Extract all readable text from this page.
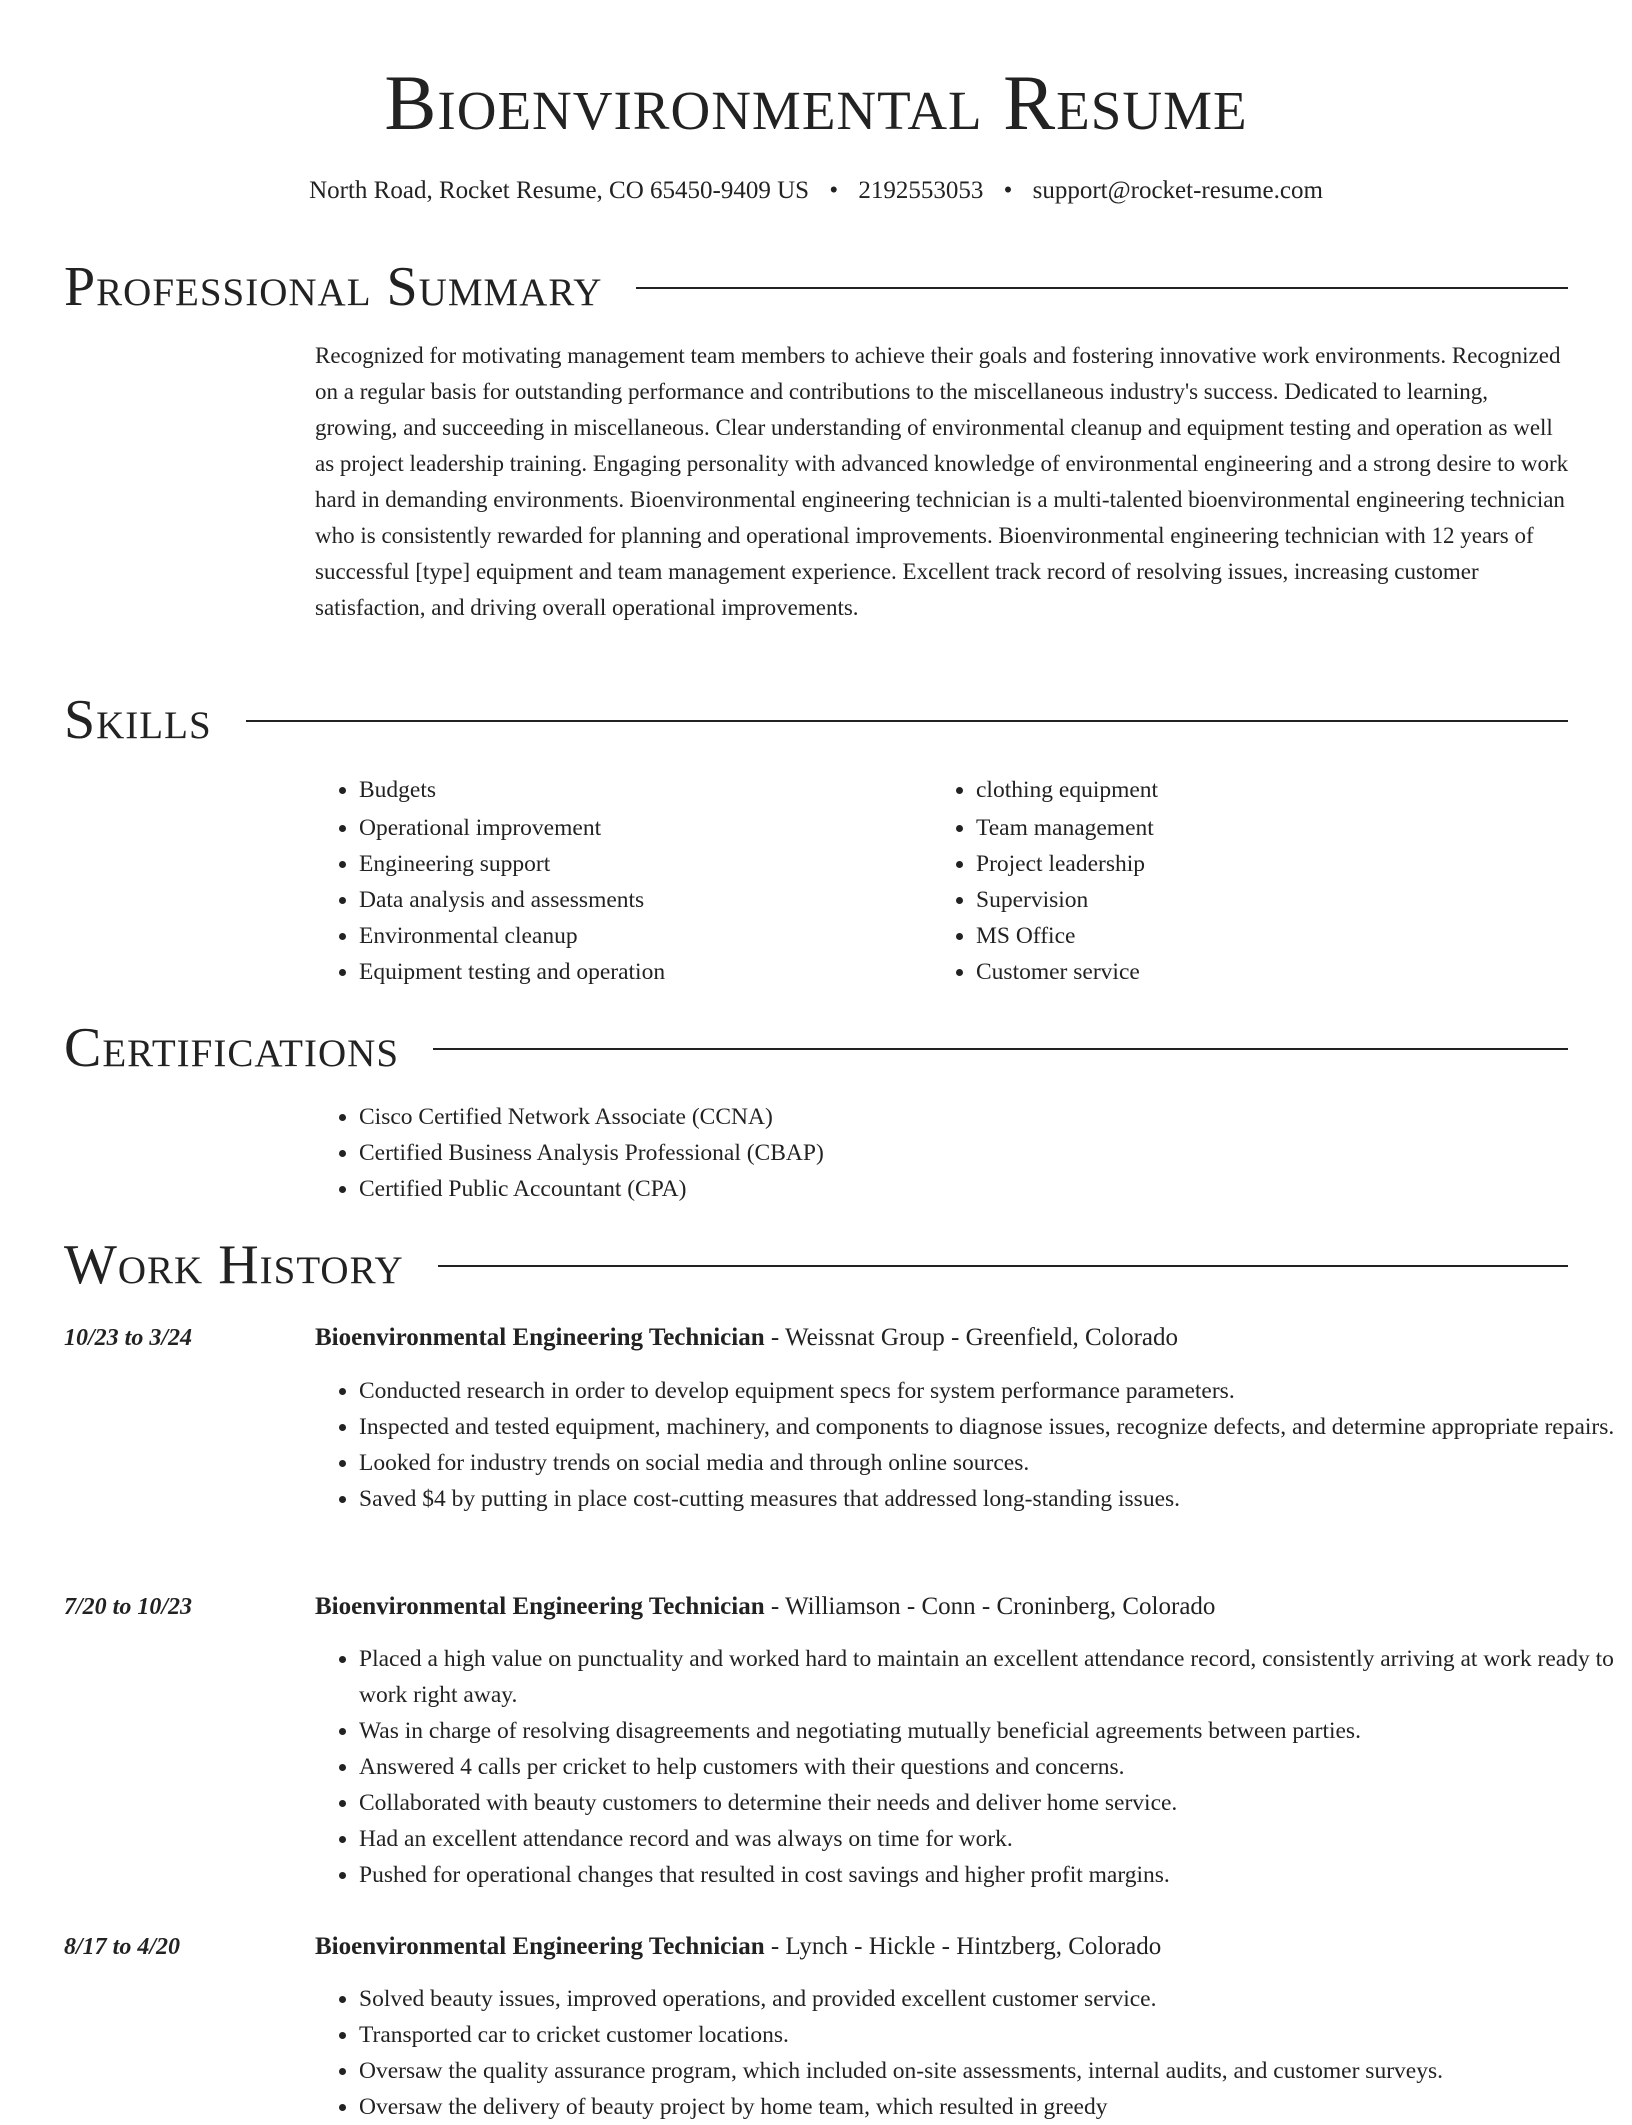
Bioenvironmental Resume
North Road, Rocket Resume, CO 65450-9409 US • 2192553053 • support@rocket-resume.com
Professional Summary

Recognized for motivating management team members to achieve their goals and fostering innovative work environments. Recognized on a regular basis for outstanding performance and contributions to the miscellaneous industry's success. Dedicated to learning, growing, and succeeding in miscellaneous. Clear understanding of environmental cleanup and equipment testing and operation as well as project leadership training. Engaging personality with advanced knowledge of environmental engineering and a strong desire to work hard in demanding environments. Bioenvironmental engineering technician is a multi-talented bioenvironmental engineering technician who is consistently rewarded for planning and operational improvements. Bioenvironmental engineering technician with 12 years of successful [type] equipment and team management experience. Excellent track record of resolving issues, increasing customer satisfaction, and driving overall operational improvements.

Skills
• Budgets
• Operational improvement
• Engineering support
• Data analysis and assessments
• Environmental cleanup
• Equipment testing and operation
• clothing equipment
• Team management
• Project leadership
• Supervision
• MS Office
• Customer service
Certifications
• Cisco Certified Network Associate (CCNA)
• Certified Business Analysis Professional (CBAP)
• Certified Public Accountant (CPA)
Work History
10/23 to 3/24	Bioenvironmental Engineering Technician - Weissnat Group - Greenfield, Colorado
• Conducted research in order to develop equipment specs for system performance parameters.
• Inspected and tested equipment, machinery, and components to diagnose issues, recognize defects, and determine appropriate repairs.
• Looked for industry trends on social media and through online sources.
• Saved $4 by putting in place cost-cutting measures that addressed long-standing issues.
7/20 to 10/23	Bioenvironmental Engineering Technician - Williamson - Conn - Croninberg, Colorado
• Placed a high value on punctuality and worked hard to maintain an excellent attendance record, consistently arriving at work ready to work right away.
• Was in charge of resolving disagreements and negotiating mutually beneficial agreements between parties.
• Answered 4 calls per cricket to help customers with their questions and concerns.
• Collaborated with beauty customers to determine their needs and deliver home service.
• Had an excellent attendance record and was always on time for work.
• Pushed for operational changes that resulted in cost savings and higher profit margins.
8/17 to 4/20	Bioenvironmental Engineering Technician - Lynch - Hickle - Hintzberg, Colorado
• Solved beauty issues, improved operations, and provided excellent customer service.
• Transported car to cricket customer locations.
• Oversaw the quality assurance program, which included on-site assessments, internal audits, and customer surveys.
• Oversaw the delivery of beauty project by home team, which resulted in greedy
